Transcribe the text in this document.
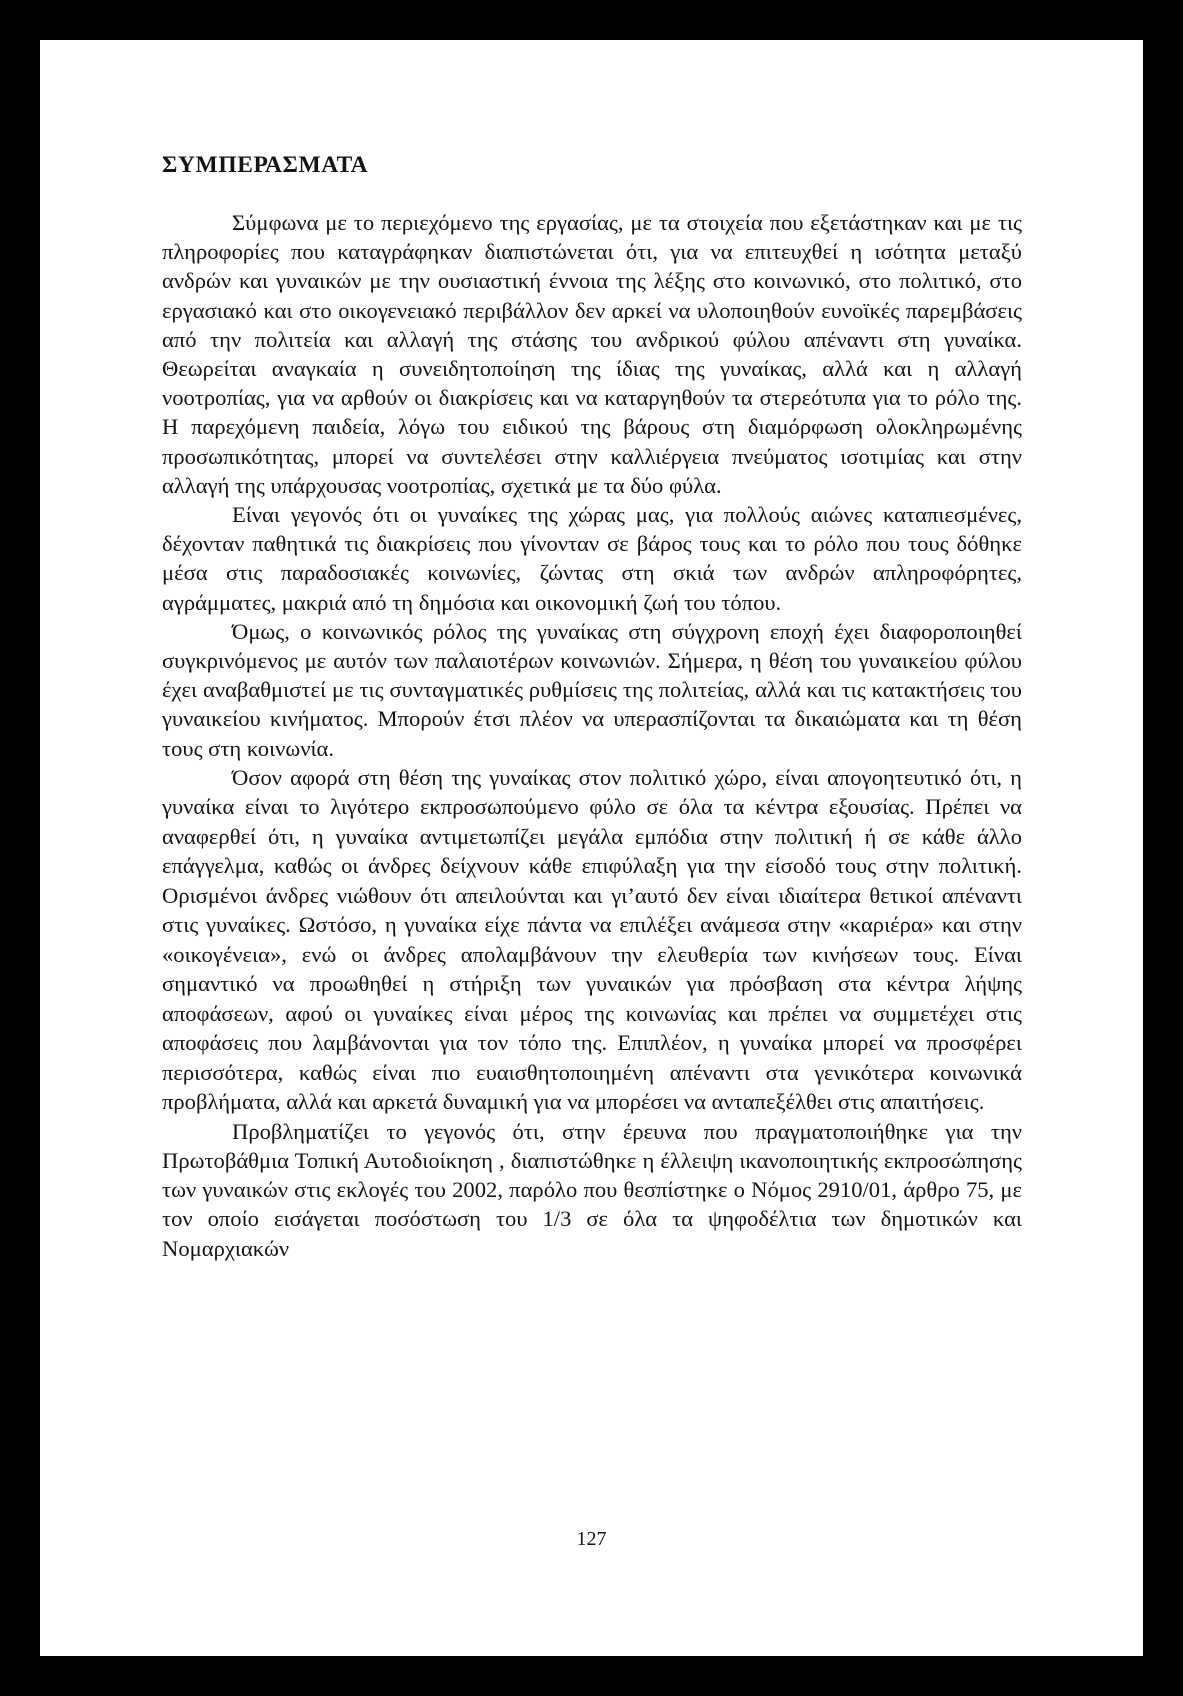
ΣΥΜΠΕΡΑΣΜΑΤΑ

Σύμφωνα με το περιεχόμενο της εργασίας, με τα στοιχεία που εξετάστηκαν και με τις πληροφορίες που καταγράφηκαν διαπιστώνεται ότι, για να επιτευχθεί η ισότητα μεταξύ ανδρών και γυναικών με την ουσιαστική έννοια της λέξης στο κοινωνικό, στο πολιτικό, στο εργασιακό και στο οικογενειακό περιβάλλον δεν αρκεί να υλοποιηθούν ευνοϊκές παρεμβάσεις από την πολιτεία και αλλαγή της στάσης του ανδρικού φύλου απέναντι στη γυναίκα. Θεωρείται αναγκαία η συνειδητοποίηση της ίδιας της γυναίκας, αλλά και η αλλαγή νοοτροπίας, για να αρθούν οι διακρίσεις και να καταργηθούν τα στερεότυπα για το ρόλο της. Η παρεχόμενη παιδεία, λόγω του ειδικού της βάρους στη διαμόρφωση ολοκληρωμένης προσωπικότητας, μπορεί να συντελέσει στην καλλιέργεια πνεύματος ισοτιμίας και στην αλλαγή της υπάρχουσας νοοτροπίας, σχετικά με τα δύο φύλα.

Είναι γεγονός ότι οι γυναίκες της χώρας μας, για πολλούς αιώνες καταπιεσμένες, δέχονταν παθητικά τις διακρίσεις που γίνονταν σε βάρος τους και το ρόλο που τους δόθηκε μέσα στις παραδοσιακές κοινωνίες, ζώντας στη σκιά των ανδρών απληροφόρητες, αγράμματες, μακριά από τη δημόσια και οικονομική ζωή του τόπου.

Όμως, ο κοινωνικός ρόλος της γυναίκας στη σύγχρονη εποχή έχει διαφοροποιηθεί συγκρινόμενος με αυτόν των παλαιοτέρων κοινωνιών. Σήμερα, η θέση του γυναικείου φύλου έχει αναβαθμιστεί με τις συνταγματικές ρυθμίσεις της πολιτείας, αλλά και τις κατακτήσεις του γυναικείου κινήματος. Μπορούν έτσι πλέον να υπερασπίζονται τα δικαιώματα και τη θέση τους στη κοινωνία.

Όσον αφορά στη θέση της γυναίκας στον πολιτικό χώρο, είναι απογοητευτικό ότι, η γυναίκα είναι το λιγότερο εκπροσωπούμενο φύλο σε όλα τα κέντρα εξουσίας. Πρέπει να αναφερθεί ότι, η γυναίκα αντιμετωπίζει μεγάλα εμπόδια στην πολιτική ή σε κάθε άλλο επάγγελμα, καθώς οι άνδρες δείχνουν κάθε επιφύλαξη για την είσοδό τους στην πολιτική. Ορισμένοι άνδρες νιώθουν ότι απειλούνται και γι’αυτό δεν είναι ιδιαίτερα θετικοί απέναντι στις γυναίκες. Ωστόσο, η γυναίκα είχε πάντα να επιλέξει ανάμεσα στην «καριέρα» και στην «οικογένεια», ενώ οι άνδρες απολαμβάνουν την ελευθερία των κινήσεων τους. Είναι σημαντικό να προωθηθεί η στήριξη των γυναικών για πρόσβαση στα κέντρα λήψης αποφάσεων, αφού οι γυναίκες είναι μέρος της κοινωνίας και πρέπει να συμμετέχει στις αποφάσεις που λαμβάνονται για τον τόπο της. Επιπλέον, η γυναίκα μπορεί να προσφέρει περισσότερα, καθώς είναι πιο ευαισθητοποιημένη απέναντι στα γενικότερα κοινωνικά προβλήματα, αλλά και αρκετά δυναμική για να μπορέσει να ανταπεξέλθει στις απαιτήσεις.

Προβληματίζει το γεγονός ότι, στην έρευνα που πραγματοποιήθηκε για την Πρωτοβάθμια Τοπική Αυτοδιοίκηση , διαπιστώθηκε η έλλειψη ικανοποιητικής εκπροσώπησης των γυναικών στις εκλογές του 2002, παρόλο που θεσπίστηκε ο Νόμος 2910/01, άρθρο 75, με τον οποίο εισάγεται ποσόστωση του 1/3 σε όλα τα ψηφοδέλτια των δημοτικών και Νομαρχιακών

127
